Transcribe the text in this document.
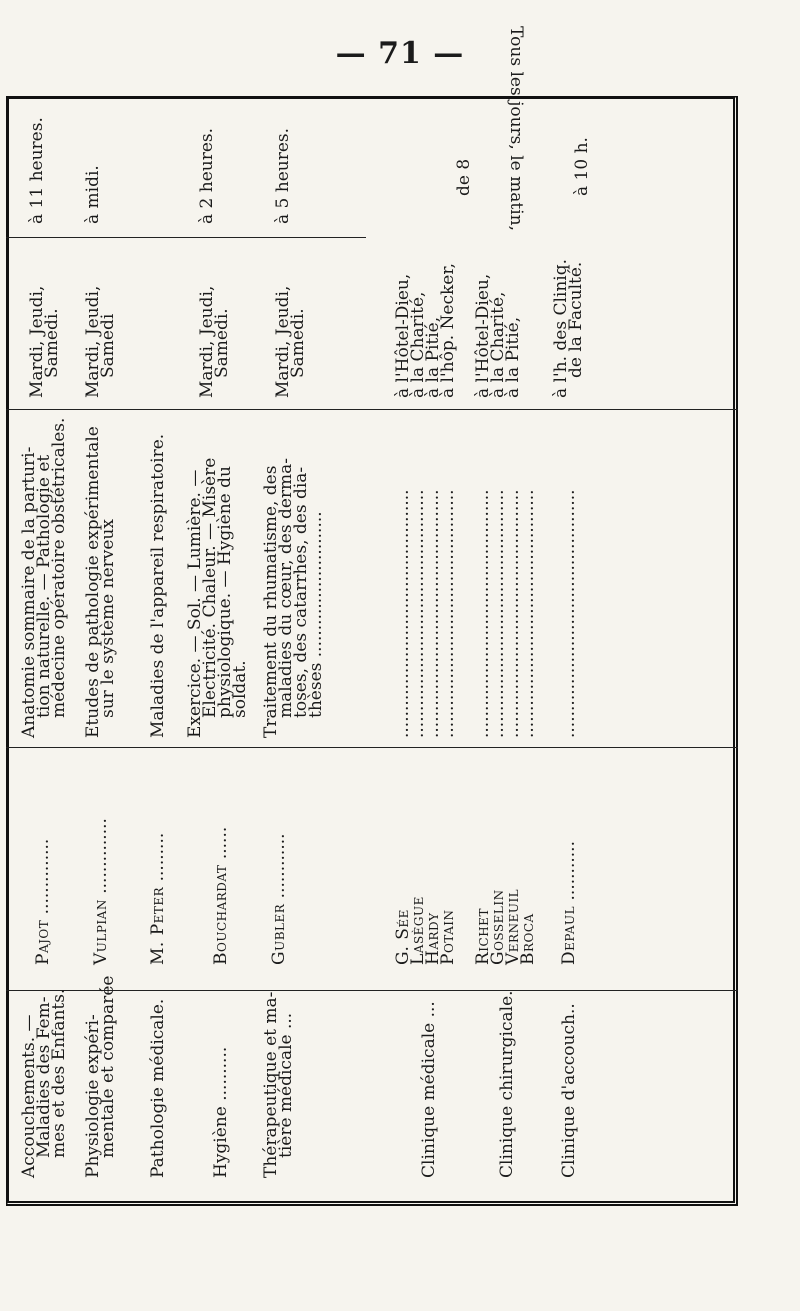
— 71 —
Accouchements. —
Maladies des Fem-
mes et des Enfants.
Pajot ..............
Anatomie sommaire de la parturi-
tion naturelle. — Pathologie et
médecine opératoire obstétricales.
Mardi, Jeudi,
Samedi.
à 11 heures.
Physiologie expéri-
mentale et comparée
Vulpian ..............
Etudes de pathologie expérimentale
sur le système nerveux
Mardi, Jeudi,
Samedi
à midi.
Pathologie médicale.
M. Peter .........
Maladies de l'appareil respiratoire.
Hygiène ..........
Bouchardat ......
Exercice. — Sol. — Lumière. —
Electricité. Chaleur. — Misère
physiologique. — Hygiène du
soldat.
Mardi, Jeudi,
Samedi.
à 2 heures.
Thérapeutique et ma-
tière médicale ...
Gubler ............
Traitement du rhumatisme, des
maladies du cœur, des derma-
toses, des catarrhes, des dia-
thèses ...........................
Mardi, Jeudi,
Samedi.
à 5 heures.
Clinique médicale ...
G. Sée
Lasègue
Hardy
Potain
..............................................
..............................................
..............................................
..............................................
à l'Hôtel-Dieu,
à la Charité,
à la Pitié,
à l'hôp. Necker,
Clinique chirurgicale.
Richet
Gosselin
Verneuil
Broca
..............................................
..............................................
..............................................
..............................................
à l'Hôtel-Dieu,
à la Charité,
à la Pitié,
Clinique d'accouch..
Depaul ...........
..............................................
à l'h. des Cliniq.
de la Faculté.
Tous les jours, le matin,
de 8	à 10 h.
